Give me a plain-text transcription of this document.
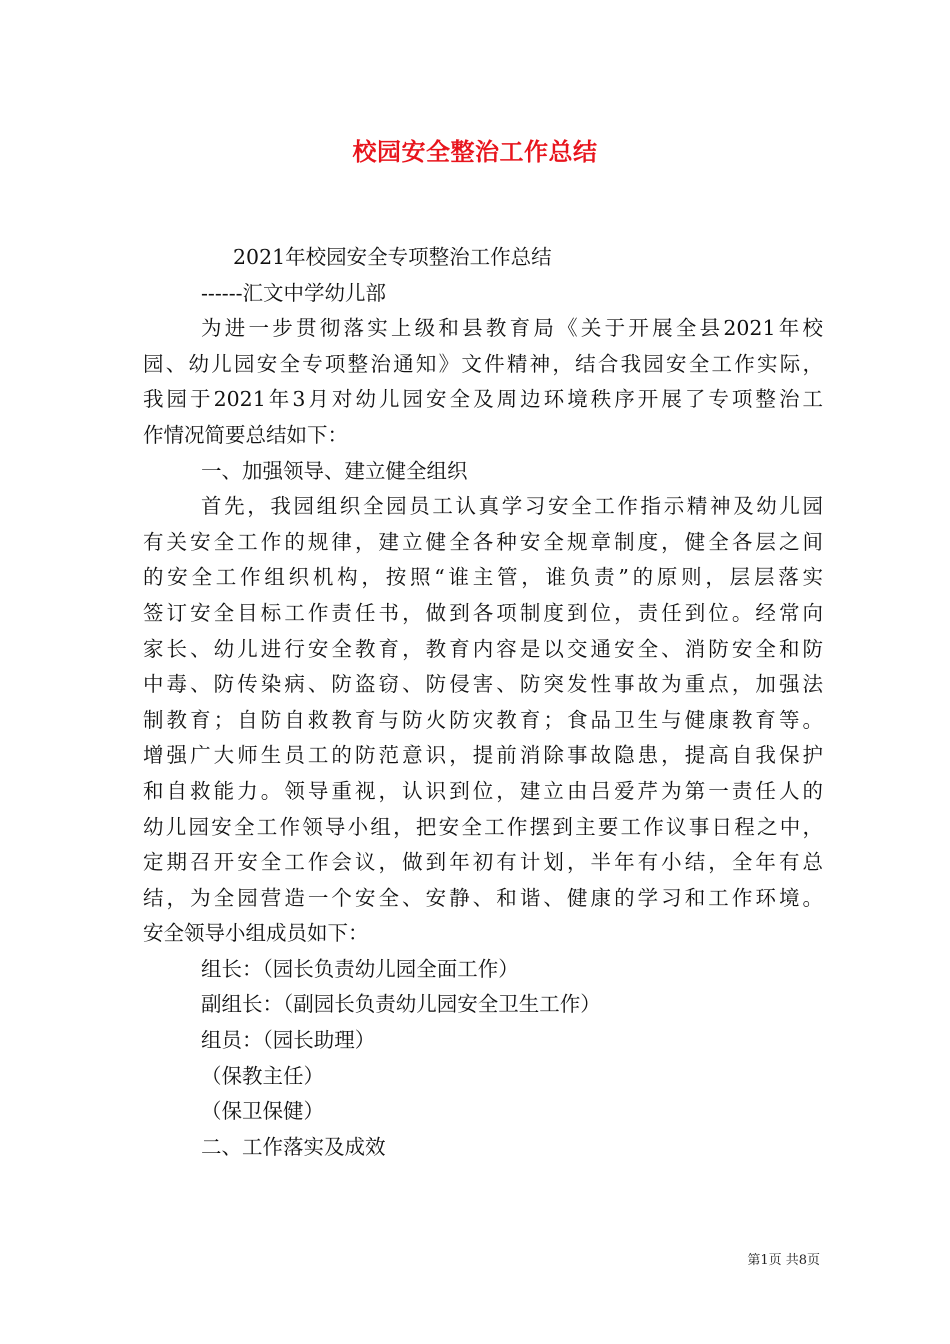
校园安全整治工作总结
2021年校园安全专项整治工作总结
------汇文中学幼儿部
为进一步贯彻落实上级和县教育局《关于开展全县2021年校
园、幼儿园安全专项整治通知》文件精神，结合我园安全工作实际，
我园于2021年3月对幼儿园安全及周边环境秩序开展了专项整治工
作情况简要总结如下：
一、加强领导、建立健全组织
首先，我园组织全园员工认真学习安全工作指示精神及幼儿园
有关安全工作的规律，建立健全各种安全规章制度，健全各层之间
的安全工作组织机构，按照“谁主管，谁负责”的原则，层层落实
签订安全目标工作责任书，做到各项制度到位，责任到位。经常向
家长、幼儿进行安全教育，教育内容是以交通安全、消防安全和防
中毒、防传染病、防盗窃、防侵害、防突发性事故为重点，加强法
制教育；自防自救教育与防火防灾教育；食品卫生与健康教育等。
增强广大师生员工的防范意识，提前消除事故隐患，提高自我保护
和自救能力。领导重视，认识到位，建立由吕爱芹为第一责任人的
幼儿园安全工作领导小组，把安全工作摆到主要工作议事日程之中，
定期召开安全工作会议，做到年初有计划，半年有小结，全年有总
结，为全园营造一个安全、安静、和谐、健康的学习和工作环境。
安全领导小组成员如下：
组长：（园长负责幼儿园全面工作）
副组长：（副园长负责幼儿园安全卫生工作）
组员：（园长助理）
（保教主任）
（保卫保健）
二、工作落实及成效
第1页 共8页
